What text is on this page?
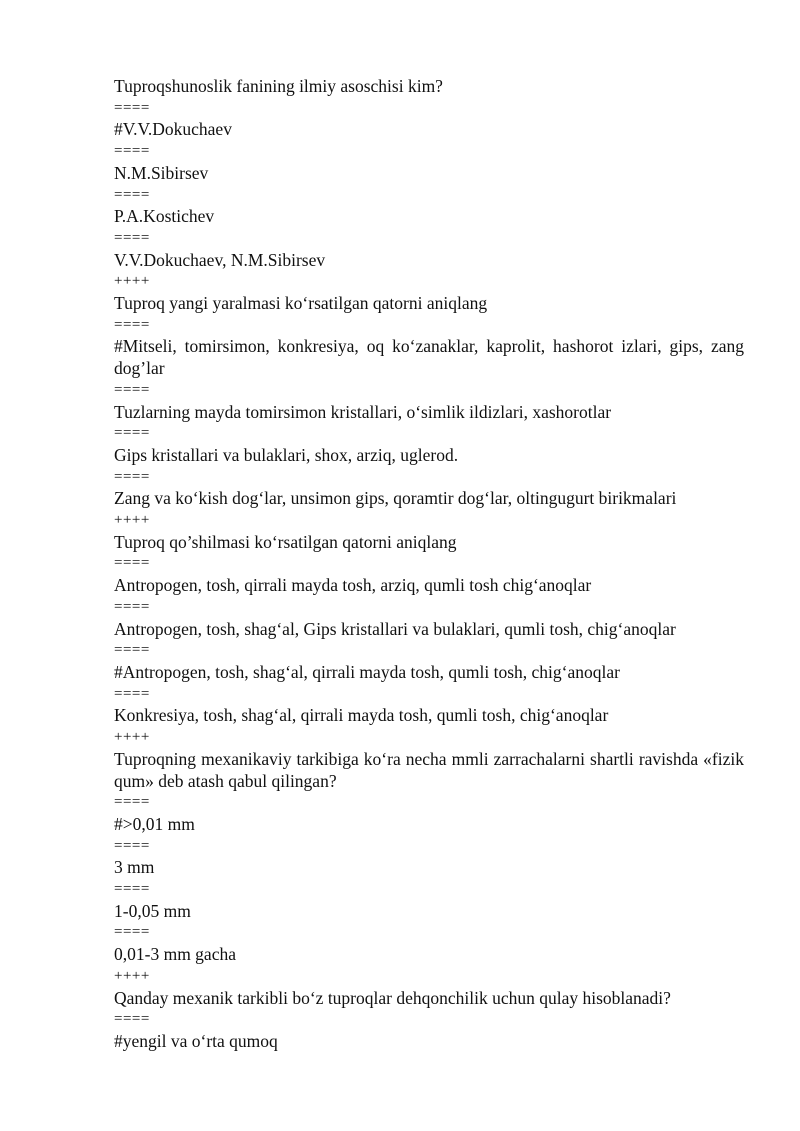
Tuproqshunoslik fanining ilmiy asoschisi kim?
====
#V.V.Dokuchaev
====
N.M.Sibirsev
====
P.A.Kostichev
====
V.V.Dokuchaev, N.M.Sibirsev
++++
Tuproq yangi yaralmasi ko‘rsatilgan qatorni aniqlang
====
#Mitseli, tomirsimon, konkresiya, oq ko‘zanaklar, kaprolit, hashorot izlari, gips, zang dog’lar
====
Tuzlarning mayda tomirsimon kristallari, o‘simlik ildizlari, xashorotlar
====
Gips kristallari va bulaklari, shox, arziq, uglerod.
====
Zang va ko‘kish dog‘lar, unsimon gips, qoramtir dog‘lar, oltingugurt birikmalari
++++
Tuproq qo’shilmasi ko‘rsatilgan qatorni aniqlang
====
Antropogen, tosh, qirrali mayda tosh, arziq, qumli tosh chig‘anoqlar
====
Antropogen, tosh, shag‘al, Gips kristallari va bulaklari, qumli tosh, chig‘anoqlar
====
#Antropogen, tosh, shag‘al, qirrali mayda tosh, qumli tosh, chig‘anoqlar
====
Konkresiya, tosh, shag‘al, qirrali mayda tosh, qumli tosh, chig‘anoqlar
++++
Tuproqning mexanikaviy tarkibiga ko‘ra necha mmli zarrachalarni shartli ravishda «fizik qum» deb atash qabul qilingan?
====
#>0,01 mm
====
3 mm
====
1-0,05 mm
====
0,01-3 mm gacha
++++
Qanday mexanik tarkibli bo‘z tuproqlar dehqonchilik uchun qulay hisoblanadi?
====
#yengil va o‘rta qumoq
